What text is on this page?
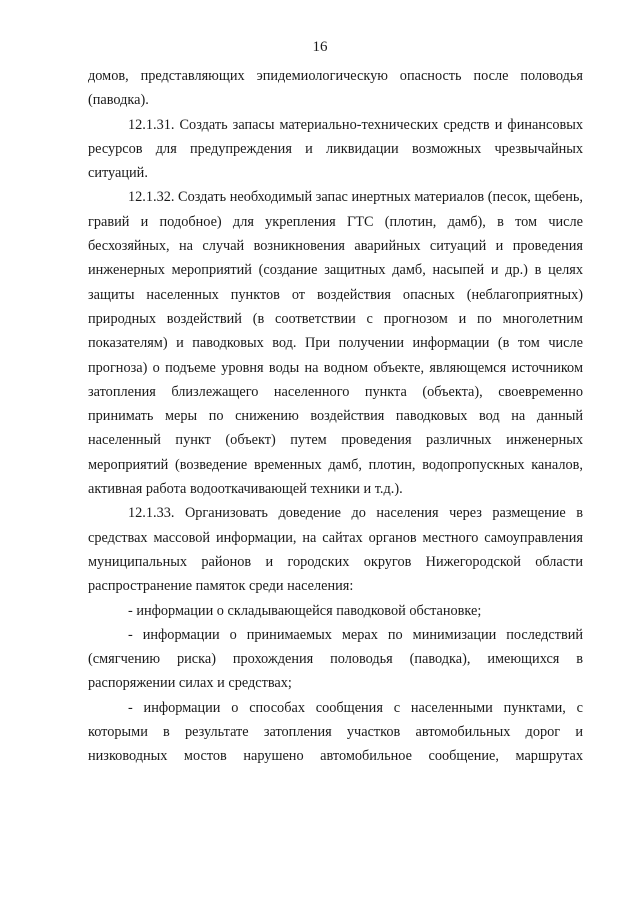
16

домов, представляющих эпидемиологическую опасность после половодья (паводка).

12.1.31. Создать запасы материально-технических средств и финансовых ресурсов для предупреждения и ликвидации возможных чрезвычайных ситуаций.

12.1.32. Создать необходимый запас инертных материалов (песок, щебень, гравий и подобное) для укрепления ГТС (плотин, дамб), в том числе бесхозяйных, на случай возникновения аварийных ситуаций и проведения инженерных мероприятий (создание защитных дамб, насыпей и др.) в целях защиты населенных пунктов от воздействия опасных (неблагоприятных) природных воздействий (в соответствии с прогнозом и по многолетним показателям) и паводковых вод. При получении информации (в том числе прогноза) о подъеме уровня воды на водном объекте, являющемся источником затопления близлежащего населенного пункта (объекта), своевременно принимать меры по снижению воздействия паводковых вод на данный населенный пункт (объект) путем проведения различных инженерных мероприятий (возведение временных дамб, плотин, водопропускных каналов, активная работа водооткачивающей техники и т.д.).

12.1.33. Организовать доведение до населения через размещение в средствах массовой информации, на сайтах органов местного самоуправления муниципальных районов и городских округов Нижегородской области распространение памяток среди населения:

- информации о складывающейся паводковой обстановке;

- информации о принимаемых мерах по минимизации последствий (смягчению риска) прохождения половодья (паводка), имеющихся в распоряжении силах и средствах;

- информации о способах сообщения с населенными пунктами, с которыми в результате затопления участков автомобильных дорог и низководных мостов нарушено автомобильное сообщение, маршрутах
